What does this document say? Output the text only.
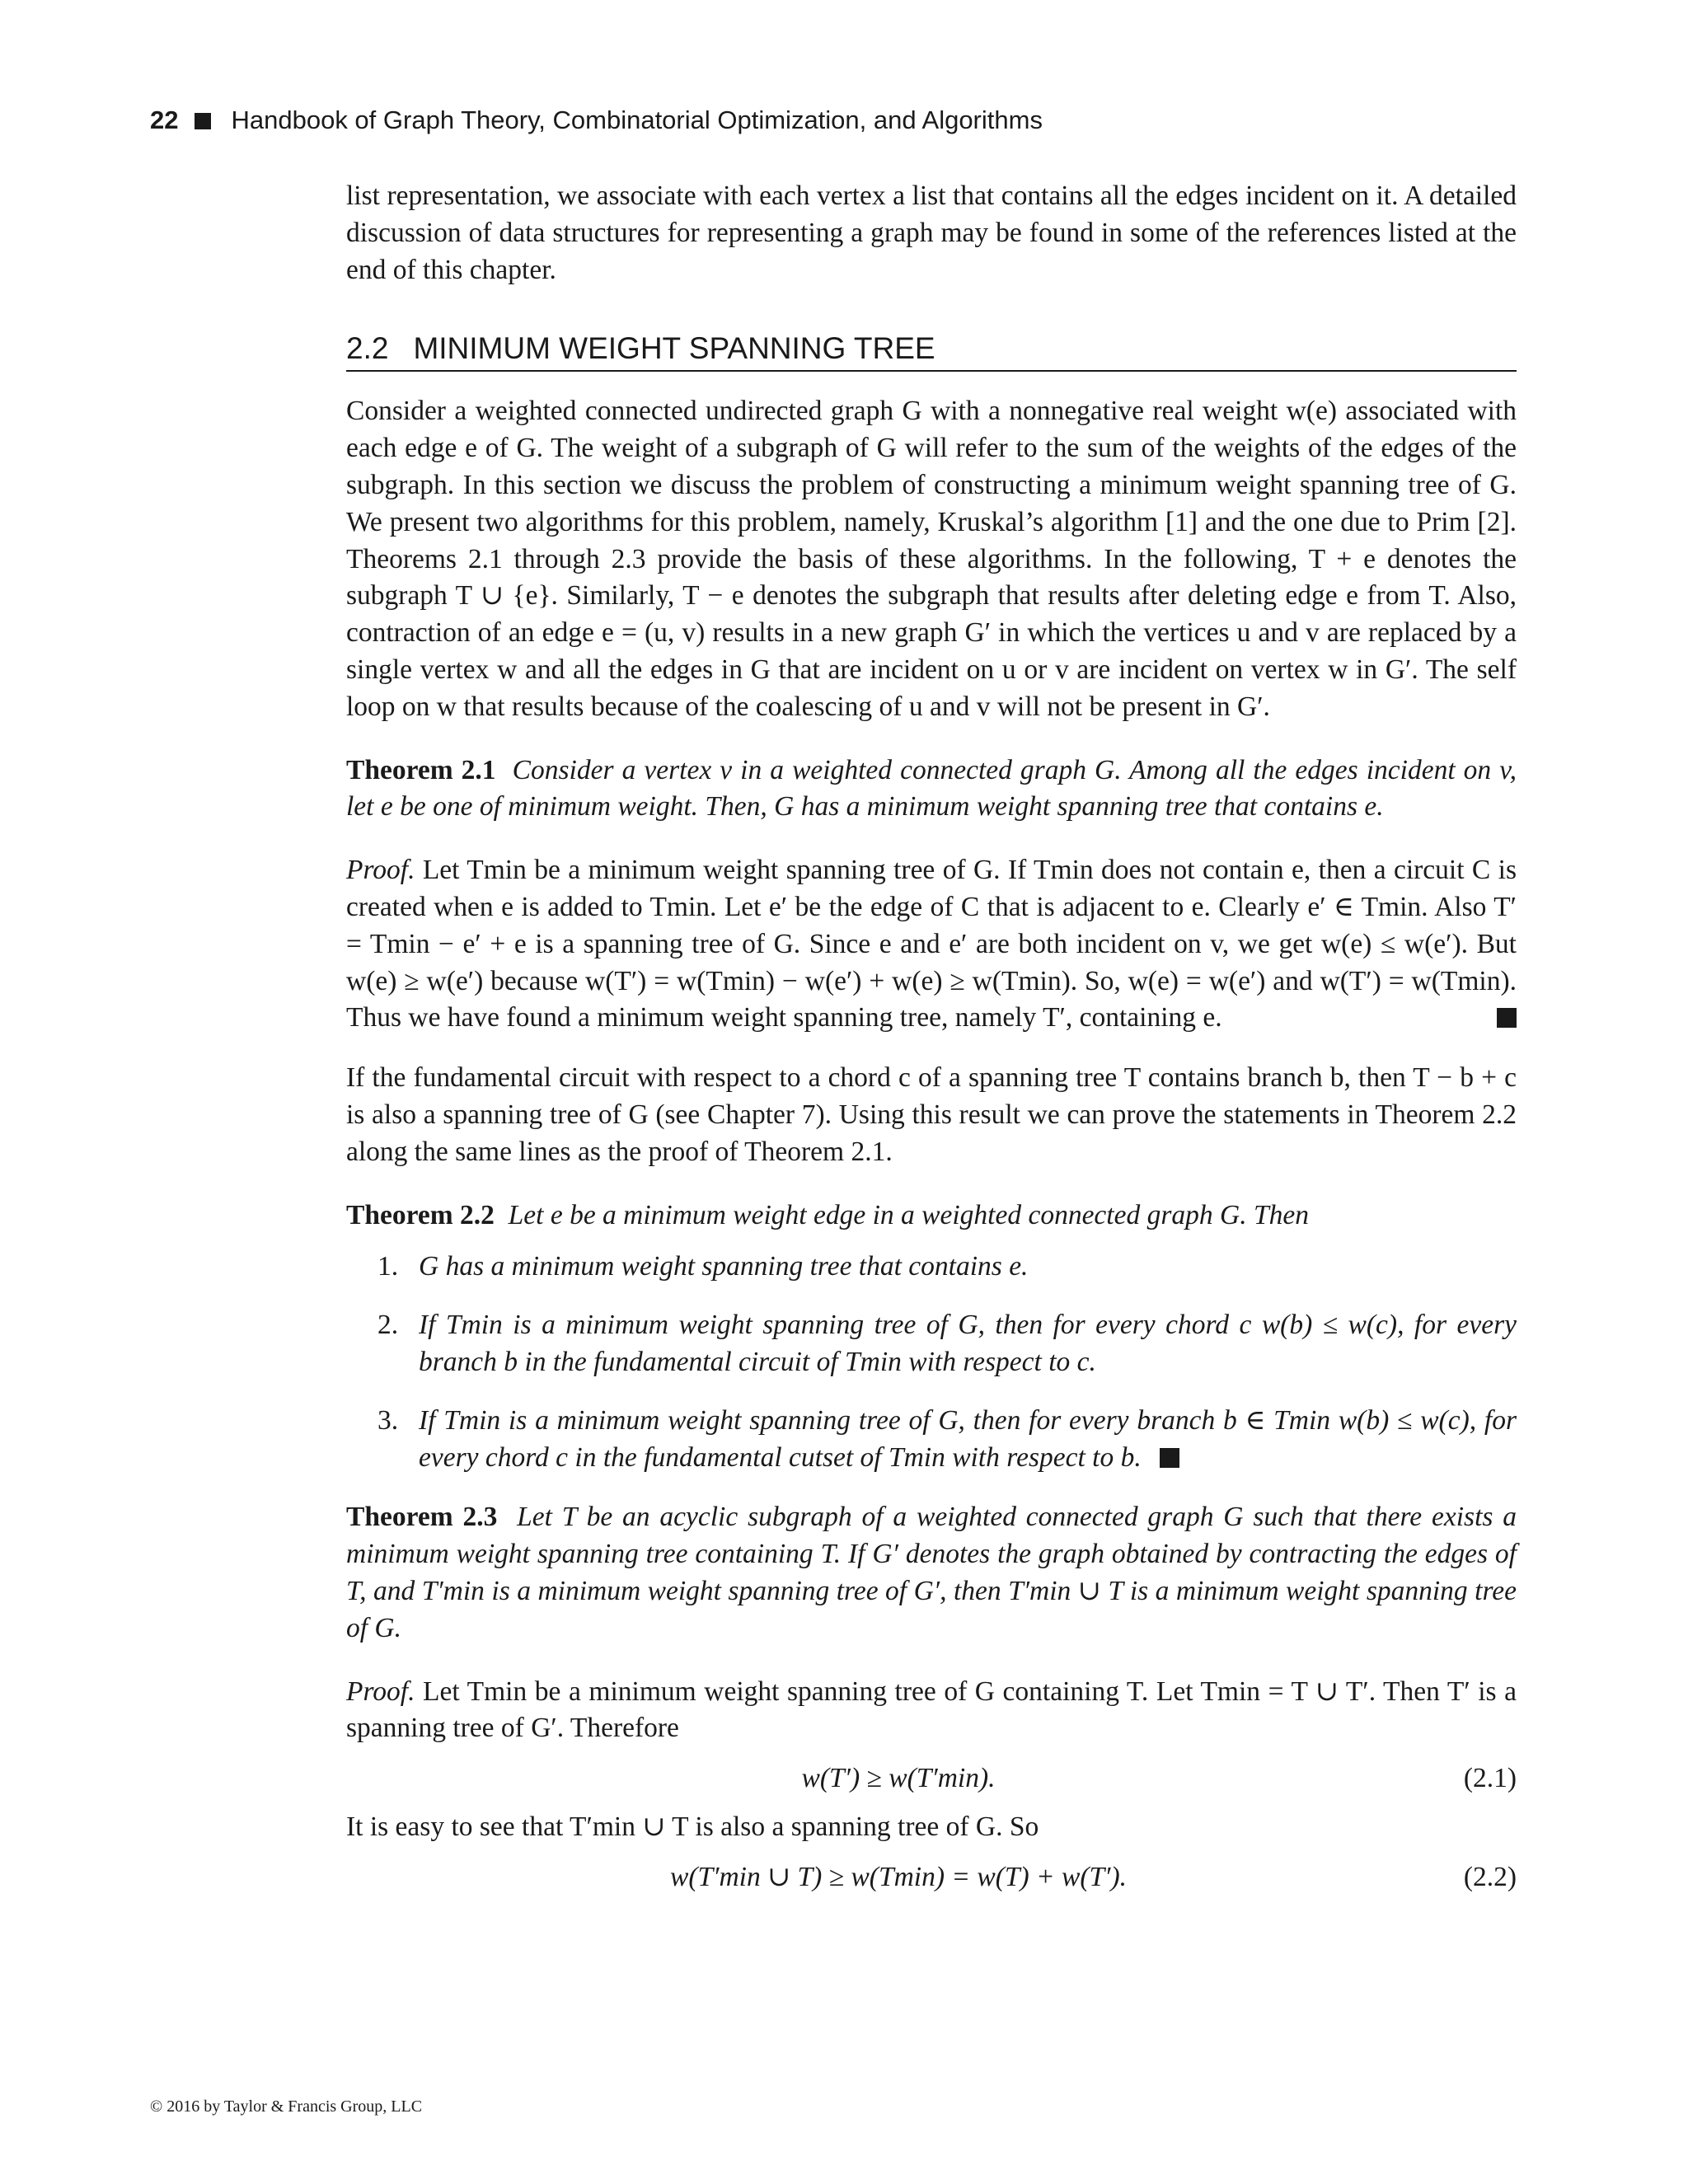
22 Handbook of Graph Theory, Combinatorial Optimization, and Algorithms

list representation, we associate with each vertex a list that contains all the edges incident on it. A detailed discussion of data structures for representing a graph may be found in some of the references listed at the end of this chapter.

2.2 MINIMUM WEIGHT SPANNING TREE

Consider a weighted connected undirected graph G with a nonnegative real weight w(e) associated with each edge e of G. The weight of a subgraph of G will refer to the sum of the weights of the edges of the subgraph. In this section we discuss the problem of constructing a minimum weight spanning tree of G. We present two algorithms for this problem, namely, Kruskal’s algorithm [1] and the one due to Prim [2]. Theorems 2.1 through 2.3 provide the basis of these algorithms. In the following, T + e denotes the subgraph T ∪ {e}. Similarly, T − e denotes the subgraph that results after deleting edge e from T. Also, contraction of an edge e = (u, v) results in a new graph G′ in which the vertices u and v are replaced by a single vertex w and all the edges in G that are incident on u or v are incident on vertex w in G′. The self loop on w that results because of the coalescing of u and v will not be present in G′.

Theorem 2.1 Consider a vertex v in a weighted connected graph G. Among all the edges incident on v, let e be one of minimum weight. Then, G has a minimum weight spanning tree that contains e.

Proof. Let Tmin be a minimum weight spanning tree of G. If Tmin does not contain e, then a circuit C is created when e is added to Tmin. Let e′ be the edge of C that is adjacent to e. Clearly e′ ∈ Tmin. Also T′ = Tmin − e′ + e is a spanning tree of G. Since e and e′ are both incident on v, we get w(e) ≤ w(e′). But w(e) ≥ w(e′) because w(T′) = w(Tmin) − w(e′) + w(e) ≥ w(Tmin). So, w(e) = w(e′) and w(T′) = w(Tmin). Thus we have found a minimum weight spanning tree, namely T′, containing e.

If the fundamental circuit with respect to a chord c of a spanning tree T contains branch b, then T − b + c is also a spanning tree of G (see Chapter 7). Using this result we can prove the statements in Theorem 2.2 along the same lines as the proof of Theorem 2.1.

Theorem 2.2 Let e be a minimum weight edge in a weighted connected graph G. Then

1. G has a minimum weight spanning tree that contains e.
2. If Tmin is a minimum weight spanning tree of G, then for every chord c w(b) ≤ w(c), for every branch b in the fundamental circuit of Tmin with respect to c.
3. If Tmin is a minimum weight spanning tree of G, then for every branch b ∈ Tmin w(b) ≤ w(c), for every chord c in the fundamental cutset of Tmin with respect to b.

Theorem 2.3 Let T be an acyclic subgraph of a weighted connected graph G such that there exists a minimum weight spanning tree containing T. If G′ denotes the graph obtained by contracting the edges of T, and T′min is a minimum weight spanning tree of G′, then T′min ∪ T is a minimum weight spanning tree of G.

Proof. Let Tmin be a minimum weight spanning tree of G containing T. Let Tmin = T ∪ T′. Then T′ is a spanning tree of G′. Therefore

w(T′) ≥ w(T′min).	(2.1)

It is easy to see that T′min ∪ T is also a spanning tree of G. So

w(T′min ∪ T) ≥ w(Tmin) = w(T) + w(T′).	(2.2)
© 2016 by Taylor & Francis Group, LLC
